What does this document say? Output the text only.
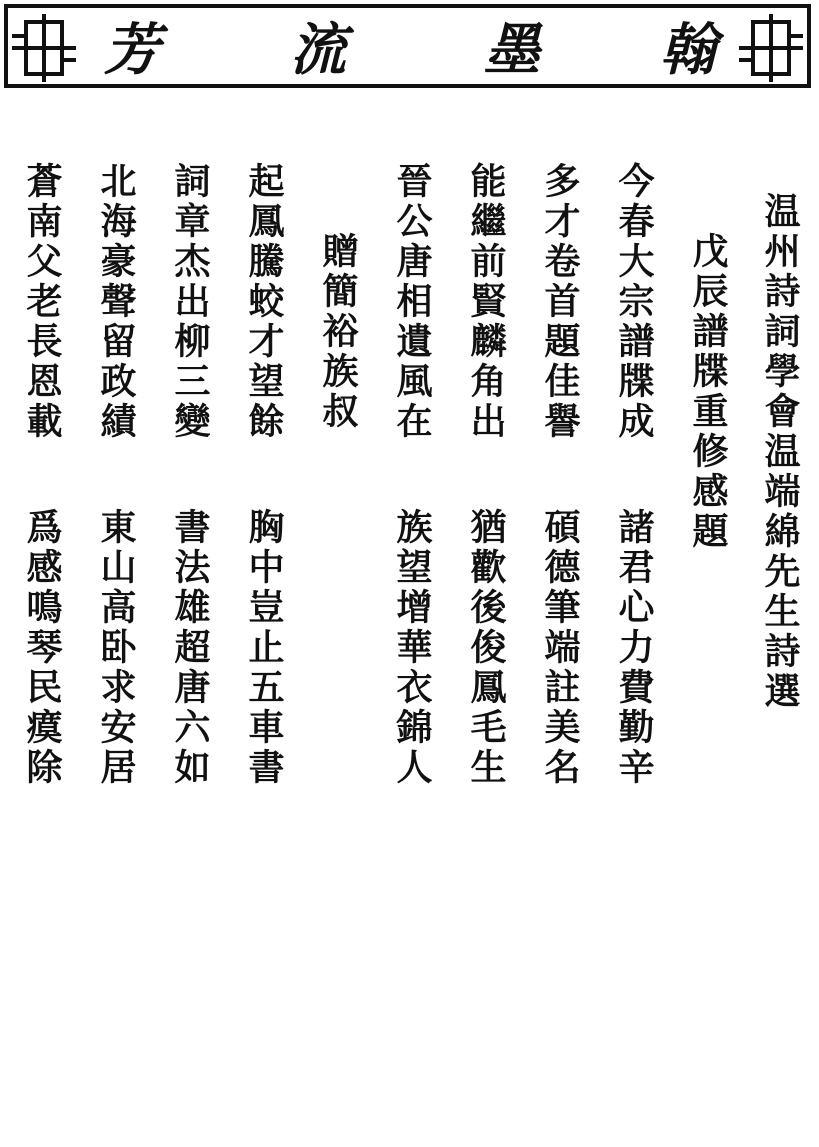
芳 流 墨 翰
温州詩詞學會温端綿先生詩選
戊辰譜牒重修感題
今春大宗譜牒成
諸君心力費勤辛
多才卷首題佳譽
碩德筆端註美名
能繼前賢麟角出
猶歡後俊鳳毛生
晉公唐相遺風在
族望增華衣錦人
贈簡裕族叔
起鳳騰蛟才望餘
胸中豈止五車書
詞章杰出柳三變
書法雄超唐六如
北海豪聲留政績
東山高卧求安居
蒼南父老長恩載
爲感鳴琴民瘼除
